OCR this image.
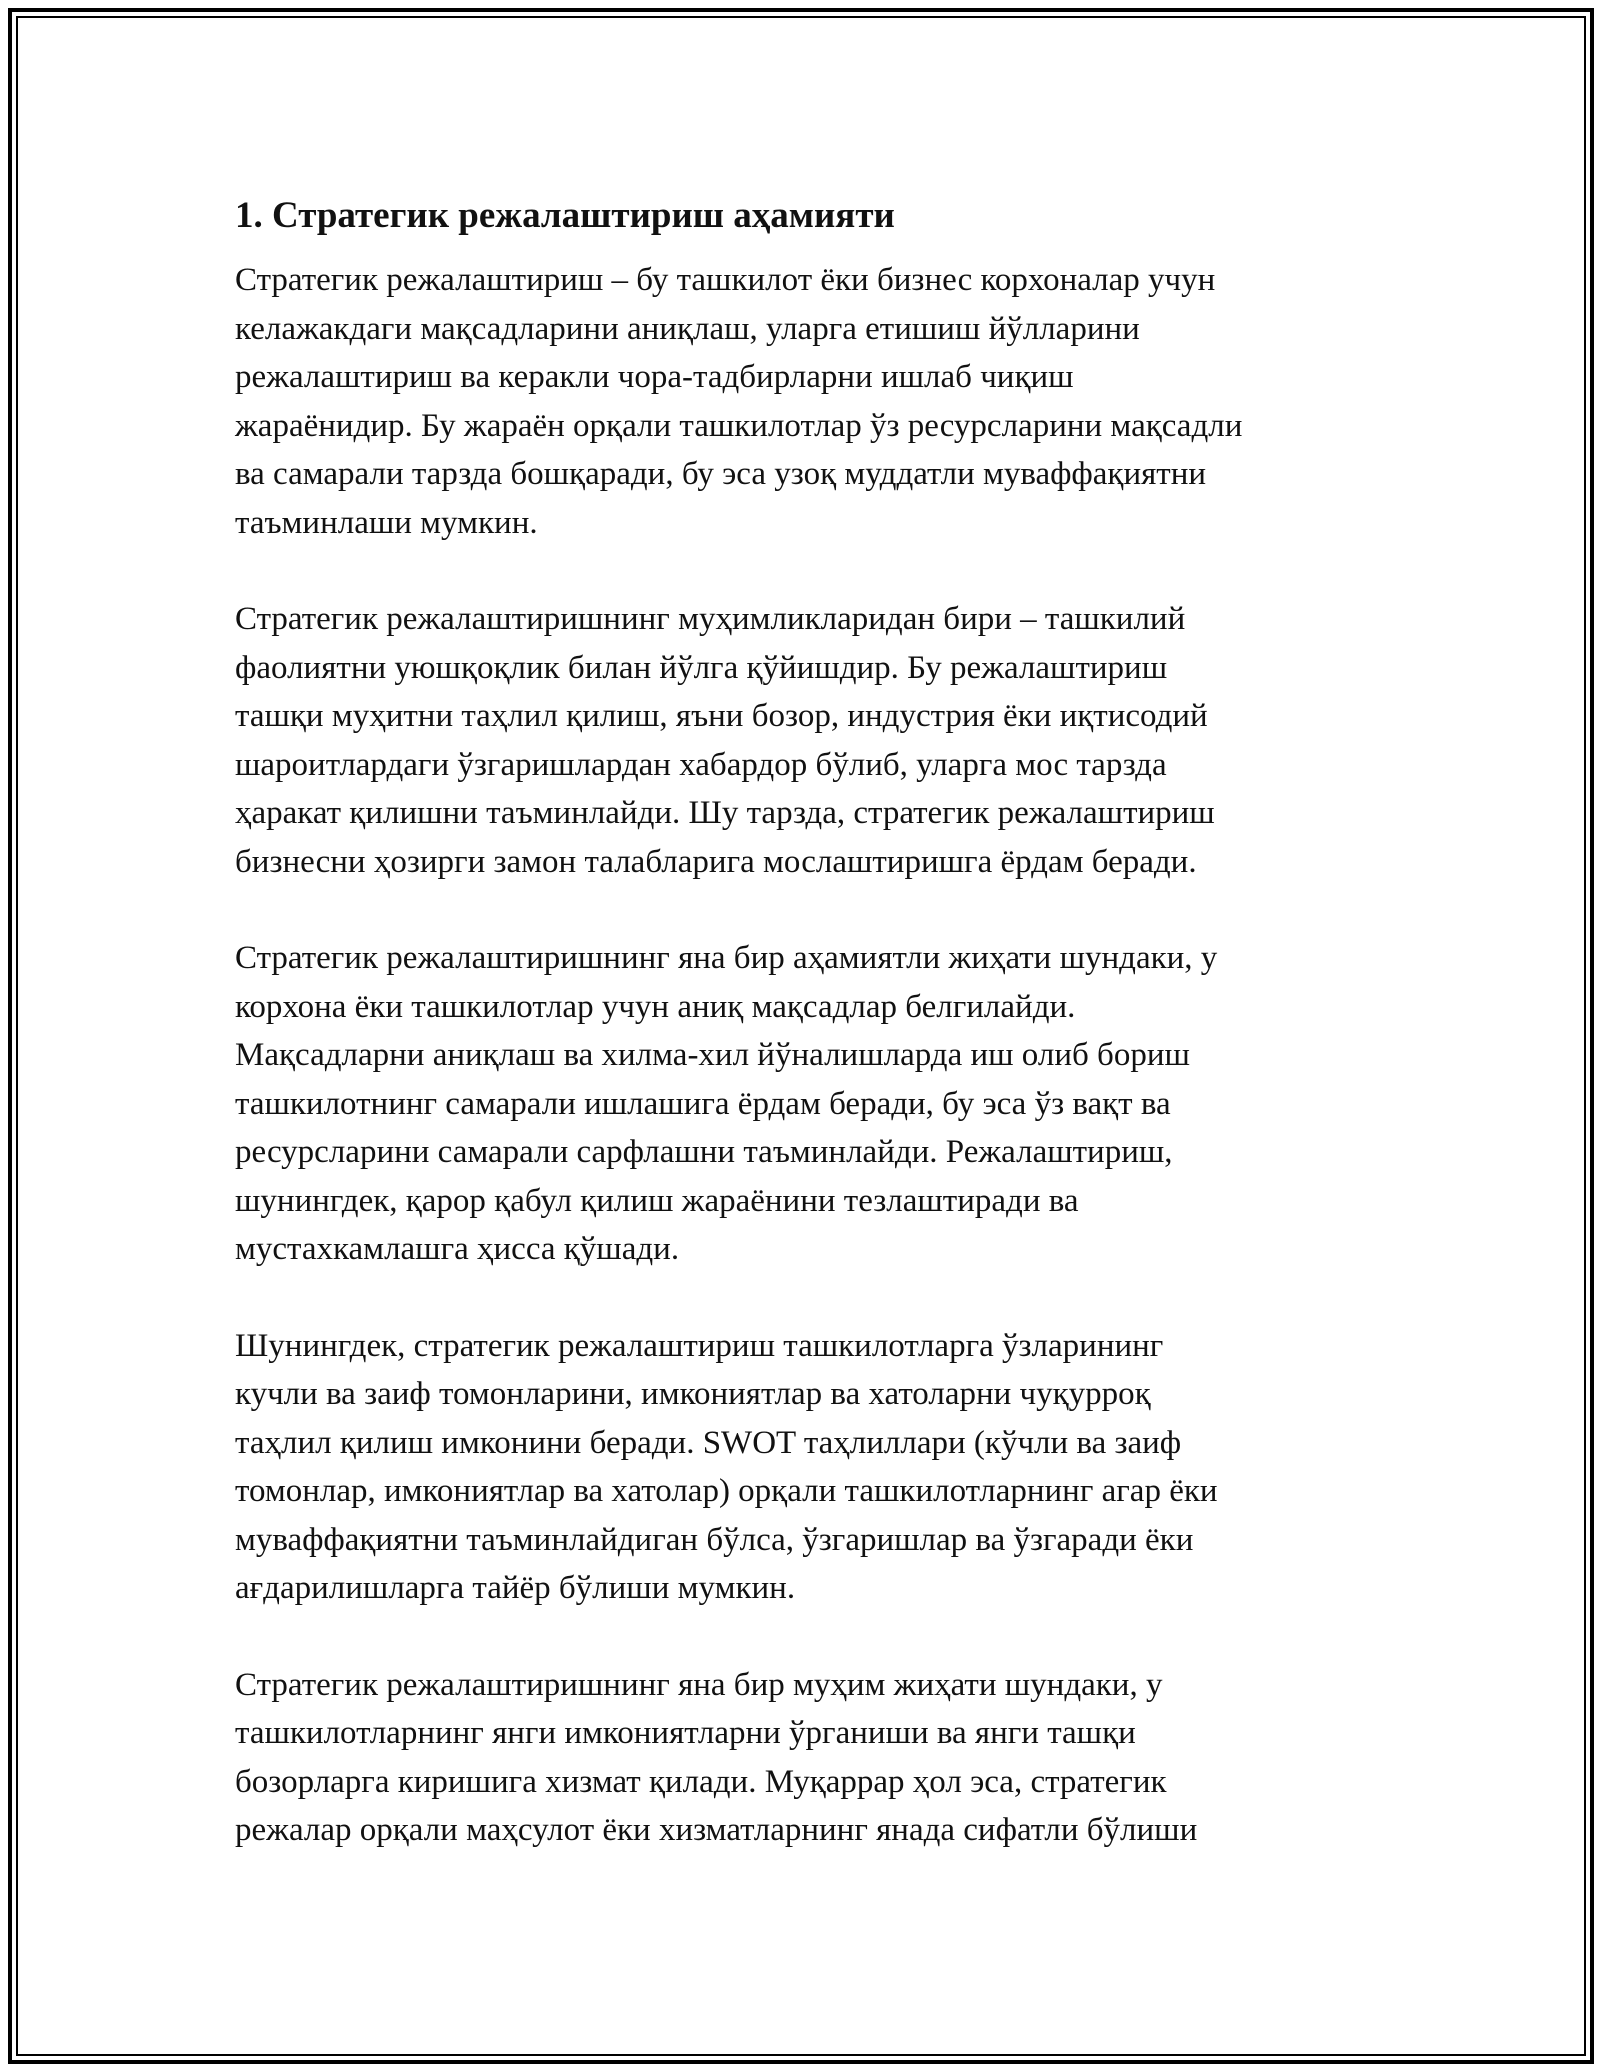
1. Стратегик режалаштириш аҳамияти

Стратегик режалаштириш – бу ташкилот ёки бизнес корхоналар учун
келажакдаги мақсадларини аниқлаш, уларга етишиш йўлларини
режалаштириш ва керакли чора-тадбирларни ишлаб чиқиш
жараёнидир. Бу жараён орқали ташкилотлар ўз ресурсларини мақсадли
ва самарали тарзда бошқаради, бу эса узоқ муддатли муваффақиятни
таъминлаши мумкин.

Стратегик режалаштиришнинг муҳимликларидан бири – ташкилий
фаолиятни уюшқоқлик билан йўлга қўйишдир. Бу режалаштириш
ташқи муҳитни таҳлил қилиш, яъни бозор, индустрия ёки иқтисодий
шароитлардаги ўзгаришлардан хабардор бўлиб, уларга мос тарзда
ҳаракат қилишни таъминлайди. Шу тарзда, стратегик режалаштириш
бизнесни ҳозирги замон талабларига мослаштиришга ёрдам беради.

Стратегик режалаштиришнинг яна бир аҳамиятли жиҳати шундаки, у
корхона ёки ташкилотлар учун аниқ мақсадлар белгилайди.
Мақсадларни аниқлаш ва хилма-хил йўналишларда иш олиб бориш
ташкилотнинг самарали ишлашига ёрдам беради, бу эса ўз вақт ва
ресурсларини самарали сарфлашни таъминлайди. Режалаштириш,
шунингдек, қарор қабул қилиш жараёнини тезлаштиради ва
мустахкамлашга ҳисса қўшади.

Шунингдек, стратегик режалаштириш ташкилотларга ўзларининг
кучли ва заиф томонларини, имкониятлар ва хатоларни чуқурроқ
таҳлил қилиш имконини беради. SWOT таҳлиллари (кўчли ва заиф
томонлар, имкониятлар ва хатолар) орқали ташкилотларнинг агар ёки
муваффақиятни таъминлайдиган бўлса, ўзгаришлар ва ўзгаради ёки
ағдарилишларга тайёр бўлиши мумкин.

Стратегик режалаштиришнинг яна бир муҳим жиҳати шундаки, у
ташкилотларнинг янги имкониятларни ўрганиши ва янги ташқи
бозорларга киришига хизмат қилади. Муқаррар ҳол эса, стратегик
режалар орқали маҳсулот ёки хизматларнинг янада сифатли бўлиши
